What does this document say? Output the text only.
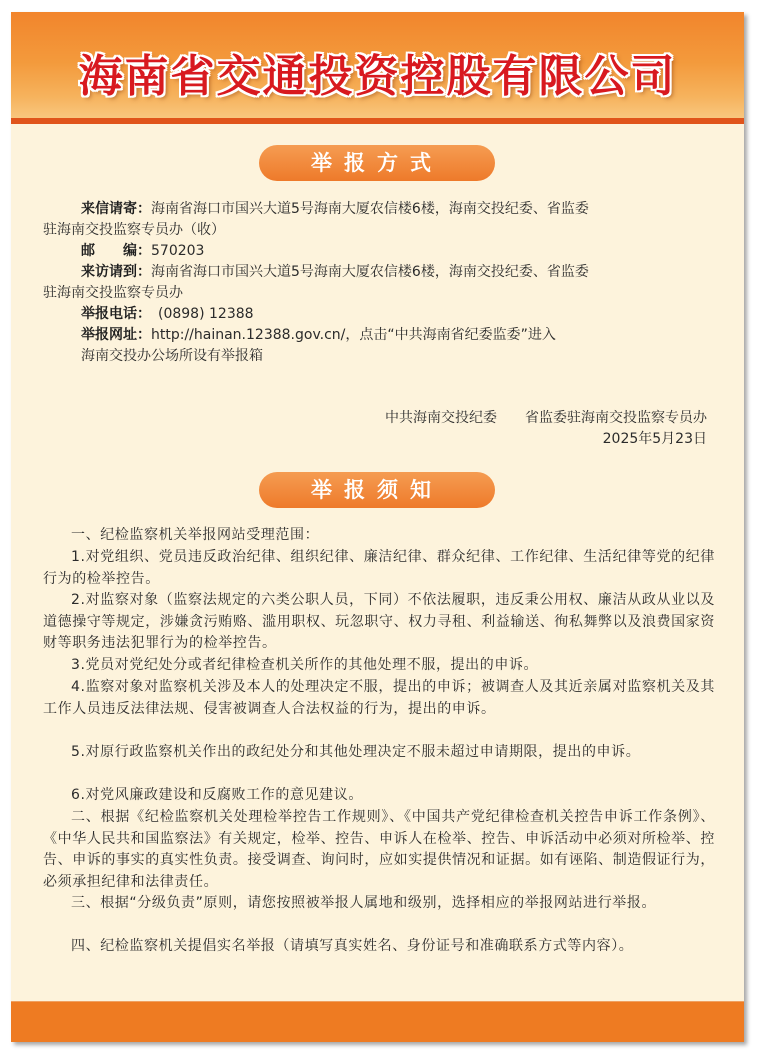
海南省交通投资控股有限公司
举报方式
来信请寄：海南省海口市国兴大道5号海南大厦农信楼6楼，海南交投纪委、省监委
驻海南交投监察专员办（收）
邮　　编：570203
来访请到：海南省海口市国兴大道5号海南大厦农信楼6楼，海南交投纪委、省监委
驻海南交投监察专员办
举报电话：　(0898) 12388
举报网址：http://hainan.12388.gov.cn/，点击“中共海南省纪委监委”进入
海南交投办公场所设有举报箱
中共海南交投纪委　　省监委驻海南交投监察专员办
2025年5月23日
举报须知
一、纪检监察机关举报网站受理范围：
1.对党组织、党员违反政治纪律、组织纪律、廉洁纪律、群众纪律、工作纪律、生活纪律等党的纪律行为的检举控告。
2.对监察对象（监察法规定的六类公职人员，下同）不依法履职，违反秉公用权、廉洁从政从业以及道德操守等规定，涉嫌贪污贿赂、滥用职权、玩忽职守、权力寻租、利益输送、徇私舞弊以及浪费国家资财等职务违法犯罪行为的检举控告。
3.党员对党纪处分或者纪律检查机关所作的其他处理不服，提出的申诉。
4.监察对象对监察机关涉及本人的处理决定不服，提出的申诉；被调查人及其近亲属对监察机关及其工作人员违反法律法规、侵害被调查人合法权益的行为，提出的申诉。
5.对原行政监察机关作出的政纪处分和其他处理决定不服未超过申请期限，提出的申诉。
6.对党风廉政建设和反腐败工作的意见建议。
二、根据《纪检监察机关处理检举控告工作规则》、《中国共产党纪律检查机关控告申诉工作条例》、《中华人民共和国监察法》有关规定，检举、控告、申诉人在检举、控告、申诉活动中必须对所检举、控告、申诉的事实的真实性负责。接受调查、询问时，应如实提供情况和证据。如有诬陷、制造假证行为，必须承担纪律和法律责任。
三、根据“分级负责”原则，请您按照被举报人属地和级别，选择相应的举报网站进行举报。
四、纪检监察机关提倡实名举报（请填写真实姓名、身份证号和准确联系方式等内容）。
